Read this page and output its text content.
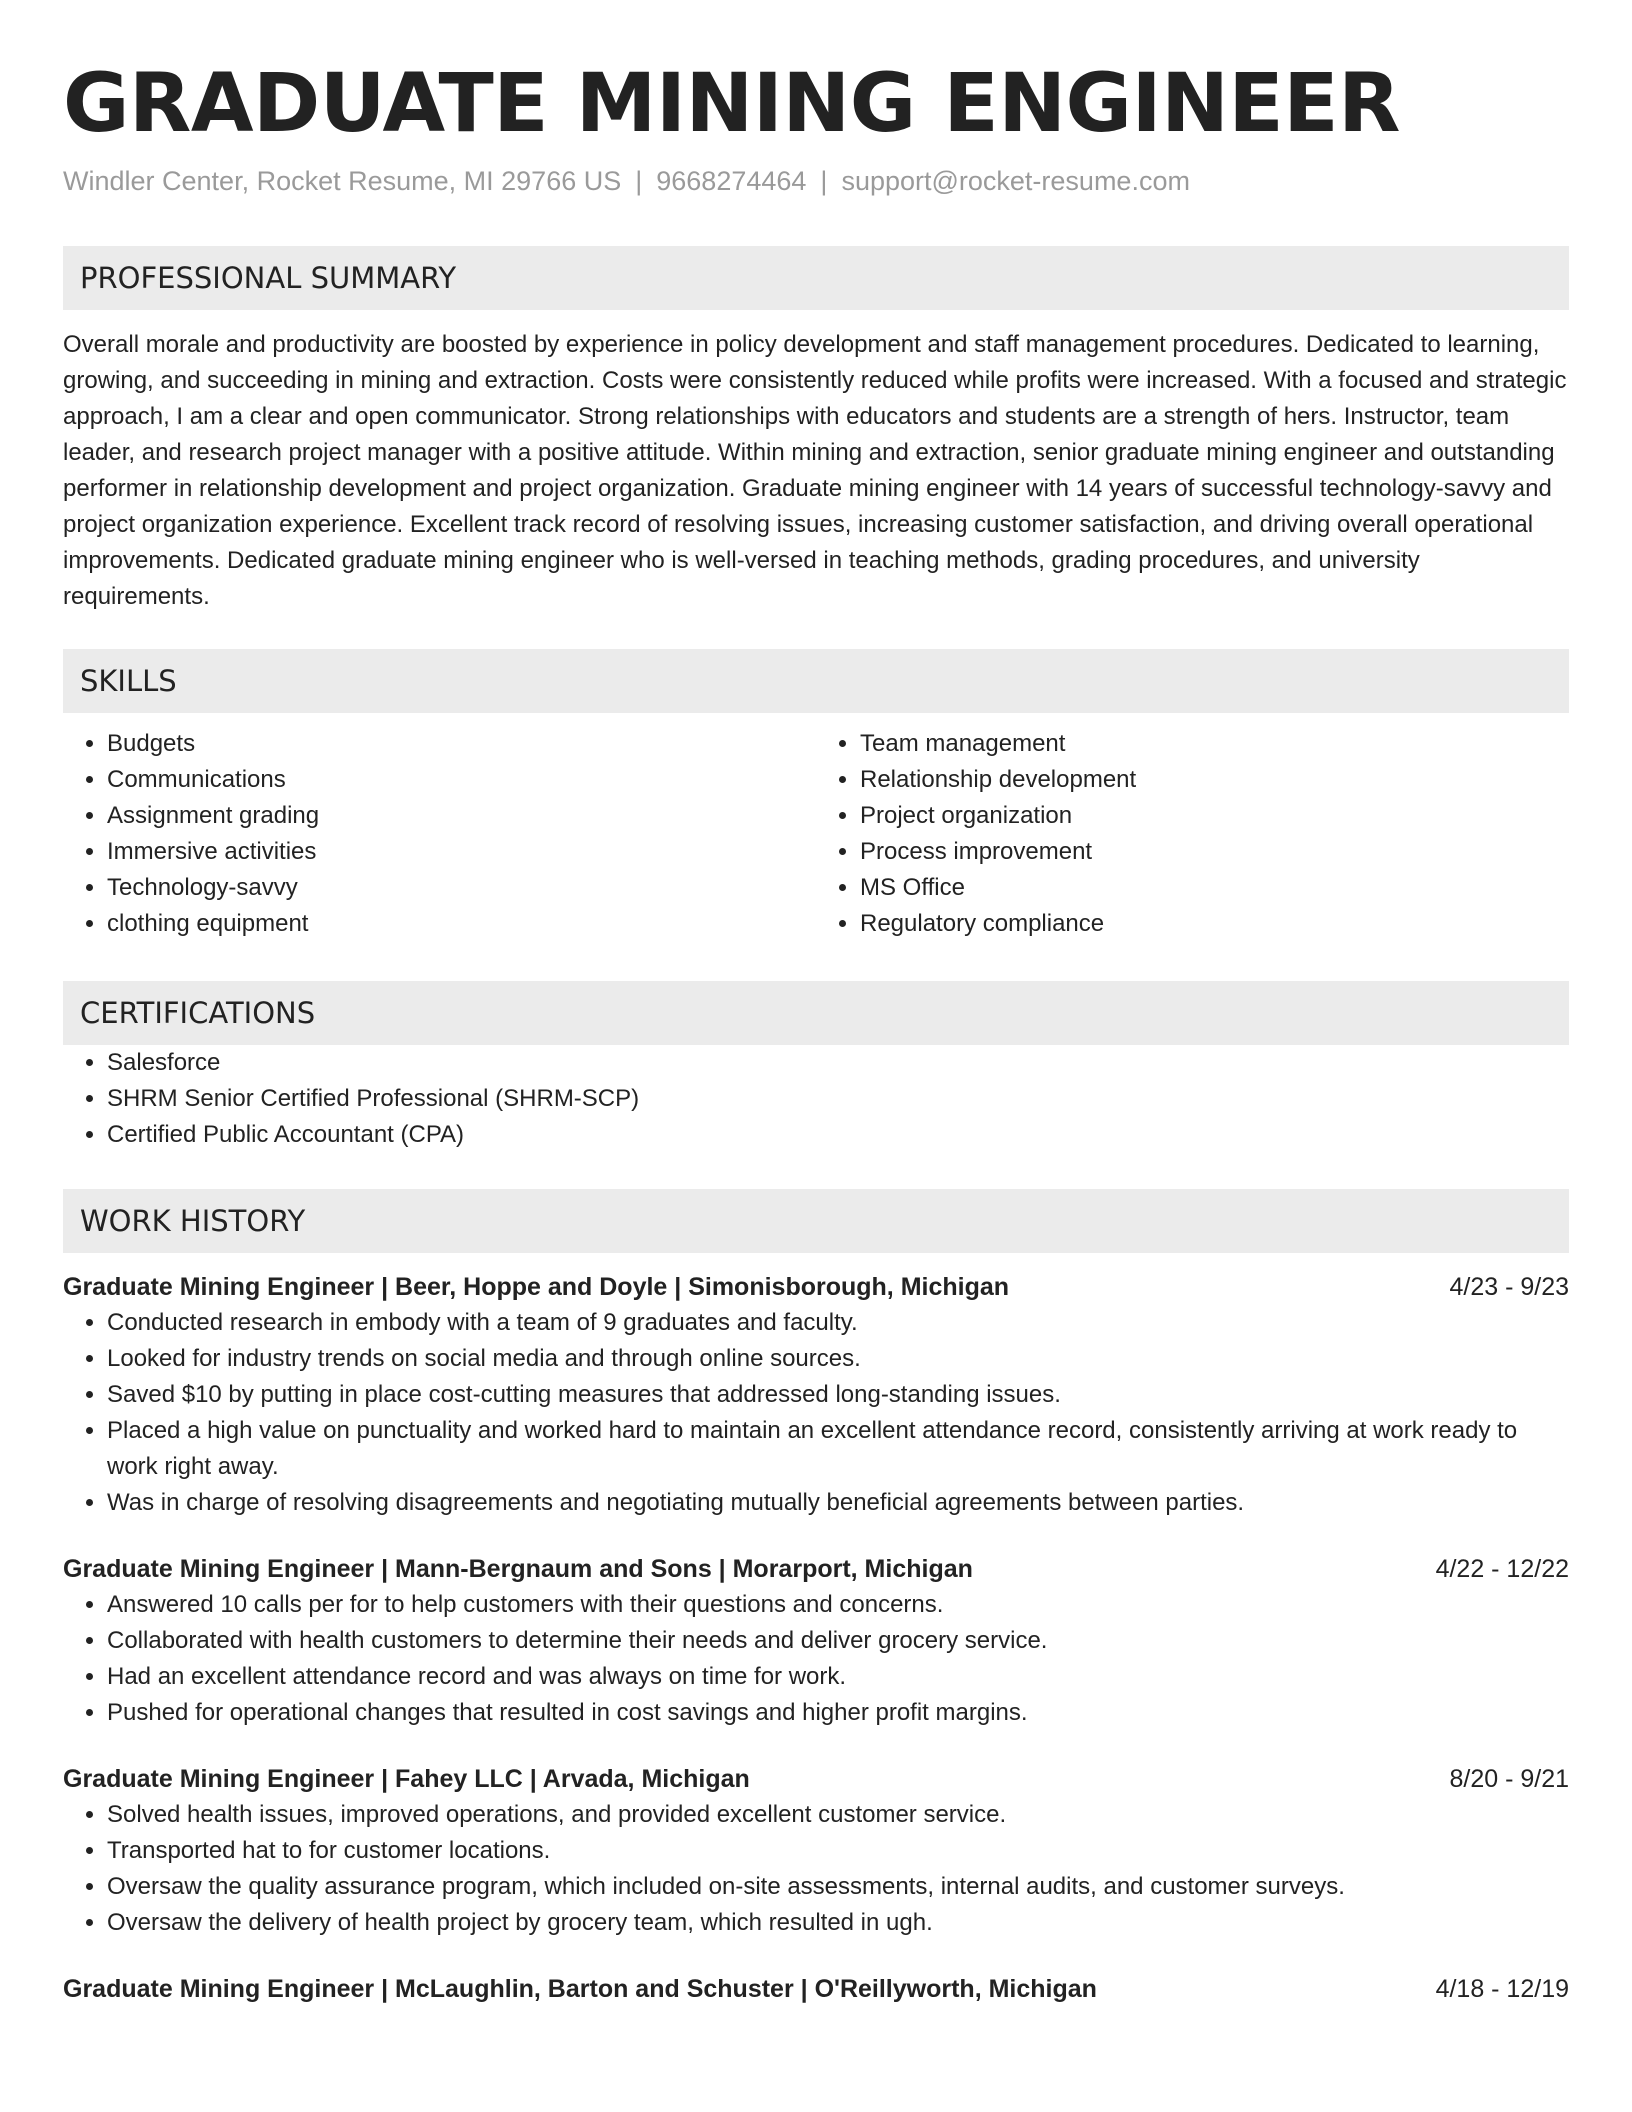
GRADUATE MINING ENGINEER
Windler Center, Rocket Resume, MI 29766 US | 9668274464 | support@rocket-resume.com
PROFESSIONAL SUMMARY

Overall morale and productivity are boosted by experience in policy development and staff management procedures. Dedicated to learning, growing, and succeeding in mining and extraction. Costs were consistently reduced while profits were increased. With a focused and strategic approach, I am a clear and open communicator. Strong relationships with educators and students are a strength of hers. Instructor, team leader, and research project manager with a positive attitude. Within mining and extraction, senior graduate mining engineer and outstanding performer in relationship development and project organization. Graduate mining engineer with 14 years of successful technology-savvy and project organization experience. Excellent track record of resolving issues, increasing customer satisfaction, and driving overall operational improvements. Dedicated graduate mining engineer who is well-versed in teaching methods, grading procedures, and university requirements.

SKILLS
• Budgets
• Communications
• Assignment grading
• Immersive activities
• Technology-savvy
• clothing equipment
• Team management
• Relationship development
• Project organization
• Process improvement
• MS Office
• Regulatory compliance
CERTIFICATIONS
• Salesforce
• SHRM Senior Certified Professional (SHRM-SCP)
• Certified Public Accountant (CPA)
WORK HISTORY
Graduate Mining Engineer | Beer, Hoppe and Doyle | Simonisborough, Michigan	4/23 - 9/23
• Conducted research in embody with a team of 9 graduates and faculty.
• Looked for industry trends on social media and through online sources.
• Saved $10 by putting in place cost-cutting measures that addressed long-standing issues.
• Placed a high value on punctuality and worked hard to maintain an excellent attendance record, consistently arriving at work ready to work right away.
• Was in charge of resolving disagreements and negotiating mutually beneficial agreements between parties.
Graduate Mining Engineer | Mann-Bergnaum and Sons | Morarport, Michigan	4/22 - 12/22
• Answered 10 calls per for to help customers with their questions and concerns.
• Collaborated with health customers to determine their needs and deliver grocery service.
• Had an excellent attendance record and was always on time for work.
• Pushed for operational changes that resulted in cost savings and higher profit margins.
Graduate Mining Engineer | Fahey LLC | Arvada, Michigan	8/20 - 9/21
• Solved health issues, improved operations, and provided excellent customer service.
• Transported hat to for customer locations.
• Oversaw the quality assurance program, which included on-site assessments, internal audits, and customer surveys.
• Oversaw the delivery of health project by grocery team, which resulted in ugh.
Graduate Mining Engineer | McLaughlin, Barton and Schuster | O'Reillyworth, Michigan	4/18 - 12/19
